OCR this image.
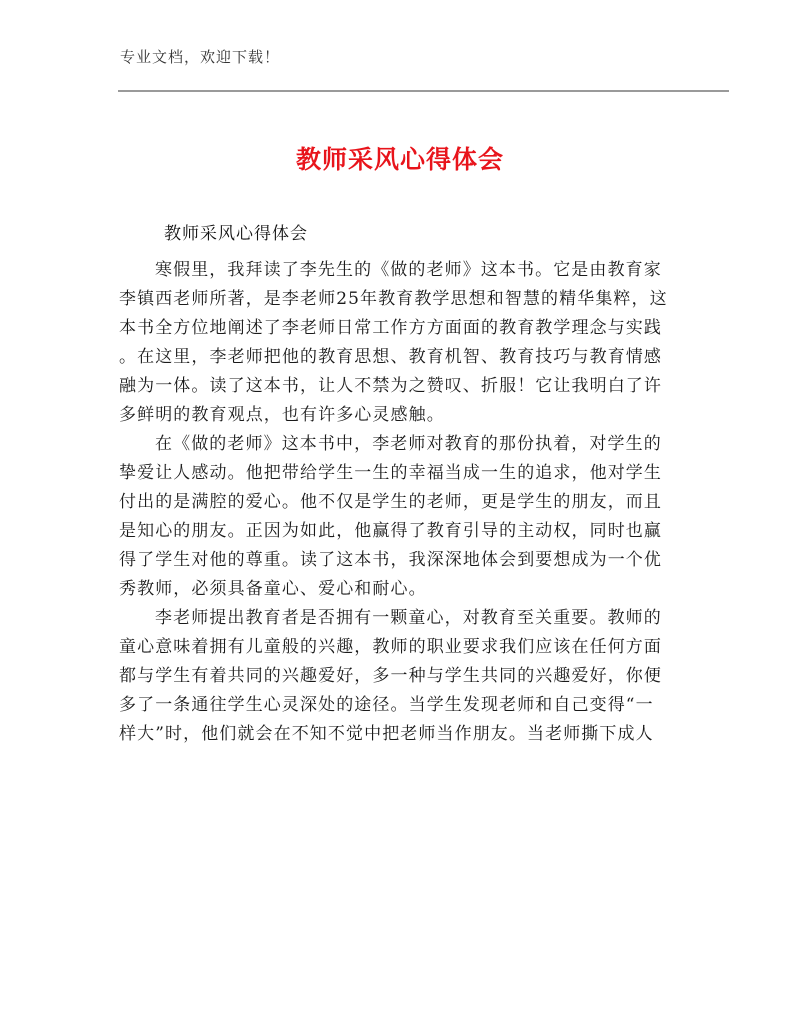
专业文档，欢迎下载！
教师采风心得体会
教师采风心得体会
寒假里，我拜读了李先生的《做的老师》这本书。它是由教育家
李镇西老师所著，是李老师25年教育教学思想和智慧的精华集粹，这
本书全方位地阐述了李老师日常工作方方面面的教育教学理念与实践
。在这里，李老师把他的教育思想、教育机智、教育技巧与教育情感
融为一体。读了这本书，让人不禁为之赞叹、折服！它让我明白了许
多鲜明的教育观点，也有许多心灵感触。
在《做的老师》这本书中，李老师对教育的那份执着，对学生的
挚爱让人感动。他把带给学生一生的幸福当成一生的追求，他对学生
付出的是满腔的爱心。他不仅是学生的老师，更是学生的朋友，而且
是知心的朋友。正因为如此，他赢得了教育引导的主动权，同时也赢
得了学生对他的尊重。读了这本书，我深深地体会到要想成为一个优
秀教师，必须具备童心、爱心和耐心。
李老师提出教育者是否拥有一颗童心，对教育至关重要。教师的
童心意味着拥有儿童般的兴趣，教师的职业要求我们应该在任何方面
都与学生有着共同的兴趣爱好，多一种与学生共同的兴趣爱好，你便
多了一条通往学生心灵深处的途径。当学生发现老师和自己变得“一
样大”时，他们就会在不知不觉中把老师当作朋友。当老师撕下成人
